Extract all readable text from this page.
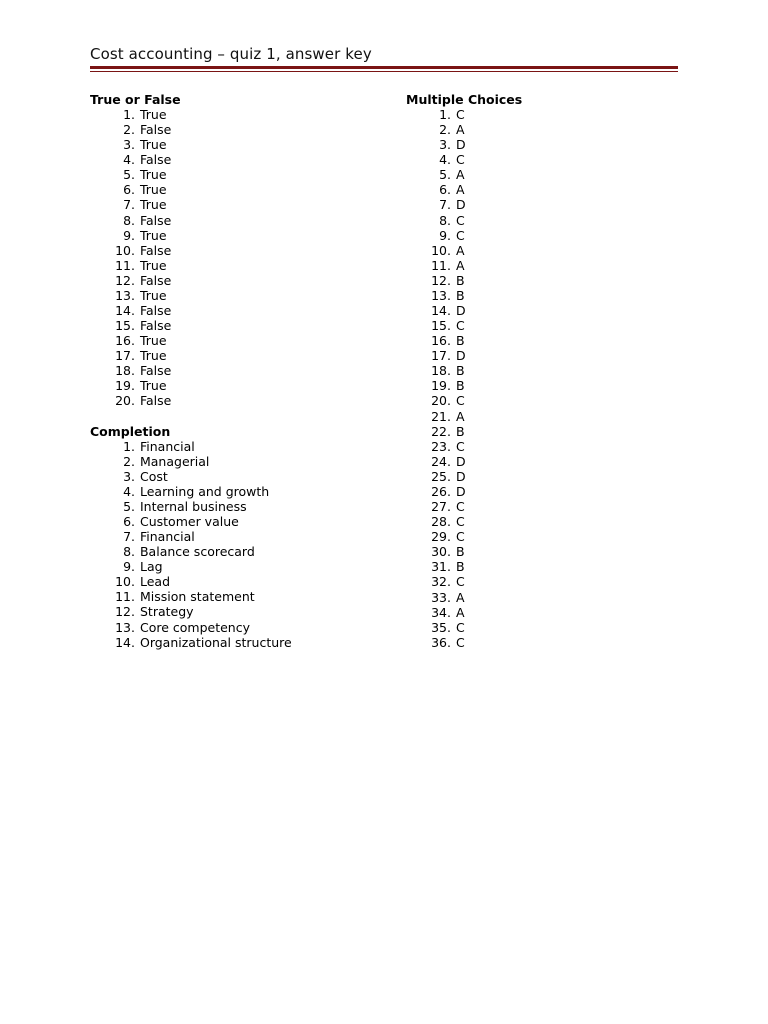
Cost accounting – quiz 1, answer key
True or False
1. True
2. False
3. True
4. False
5. True
6. True
7. True
8. False
9. True
10. False
11. True
12. False
13. True
14. False
15. False
16. True
17. True
18. False
19. True
20. False
Completion
1. Financial
2. Managerial
3. Cost
4. Learning and growth
5. Internal business
6. Customer value
7. Financial
8. Balance scorecard
9. Lag
10. Lead
11. Mission statement
12. Strategy
13. Core competency
14. Organizational structure
Multiple Choices
1. C
2. A
3. D
4. C
5. A
6. A
7. D
8. C
9. C
10. A
11. A
12. B
13. B
14. D
15. C
16. B
17. D
18. B
19. B
20. C
21. A
22. B
23. C
24. D
25. D
26. D
27. C
28. C
29. C
30. B
31. B
32. C
33. A
34. A
35. C
36. C
